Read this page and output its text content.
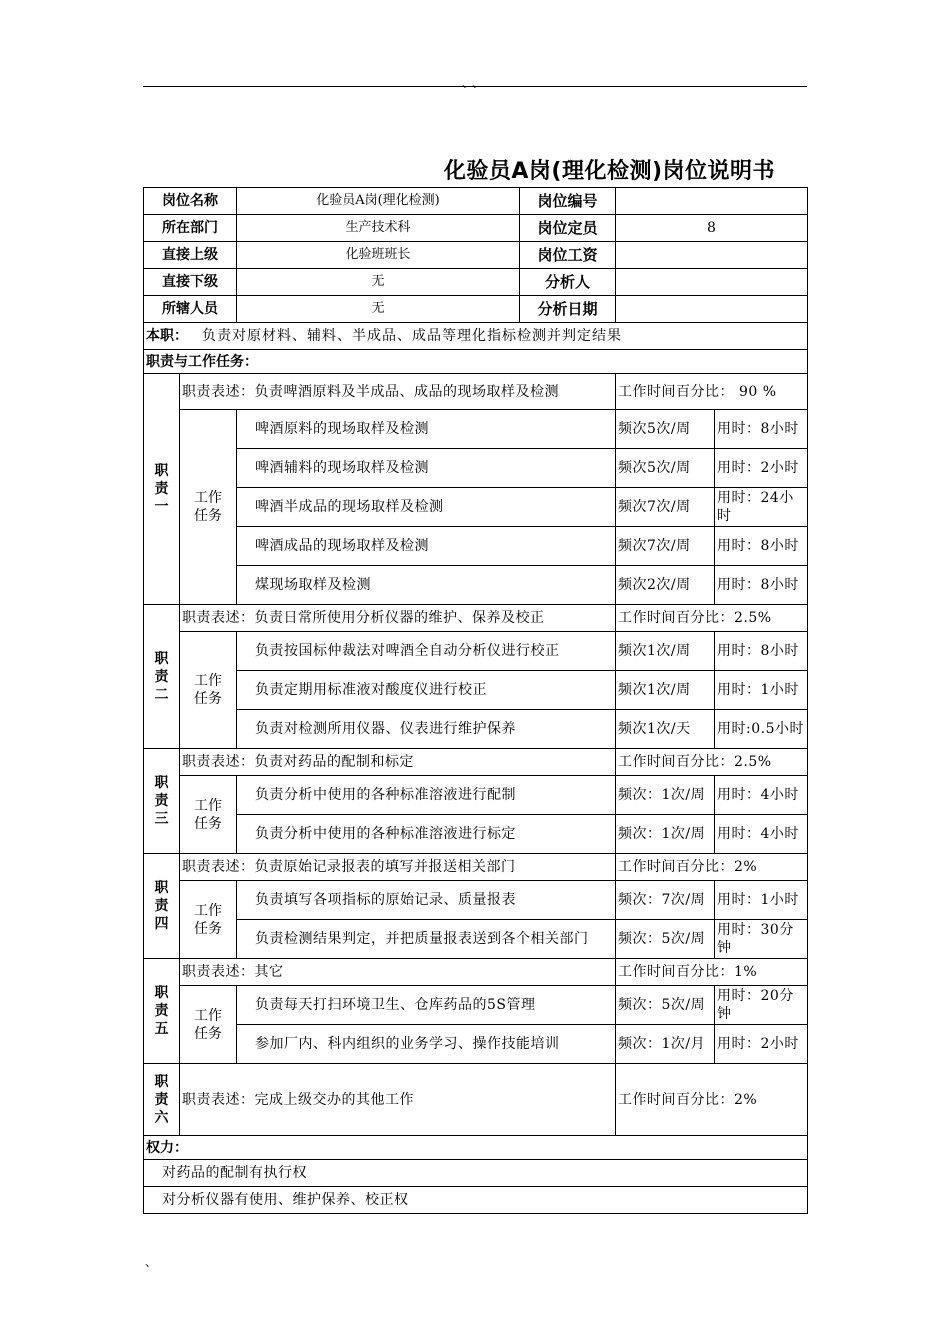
、、
化验员A岗(理化检测)岗位说明书
岗位名称		化验员A岗(理化检测) 岗位编号		

所在部门		生产技术科 岗位定员	8	
直接上级		化验班班长 岗位工资		

直接下级		无 分析人		

所辖人员		无 分析日期		

本职： 负责对原材料、辅料、半成品、成品等理化指标检测并判定结果				
职责与工作任务：				

职责一	职责表述：负责啤酒原料及半成品、成品的现场取样及检测		工作时间百分比： 90 %	

	工作任务	啤酒原料的现场取样及检测	频次5次/周	用时：8小时
		啤酒辅料的现场取样及检测	频次5次/周	用时：2小时
		啤酒半成品的现场取样及检测	频次7次/周	用时：24小时
		啤酒成品的现场取样及检测	频次7次/周	用时：8小时
		煤现场取样及检测	频次2次/周	用时：8小时

职责二	职责表述：负责日常所使用分析仪器的维护、保养及校正		工作时间百分比：2.5%	

	工作任务	负责按国标仲裁法对啤酒全自动分析仪进行校正	频次1次/周	用时：8小时
		负责定期用标准液对酸度仪进行校正	频次1次/周	用时：1小时
		负责对检测所用仪器、仪表进行维护保养	频次1次/天	用时:0.5小时

职责三	职责表述：负责对药品的配制和标定		工作时间百分比：2.5%	

	工作任务	负责分析中使用的各种标准溶液进行配制	频次：1次/周	用时：4小时
		负责分析中使用的各种标准溶液进行标定	频次：1次/周	用时：4小时

职责四	职责表述：负责原始记录报表的填写并报送相关部门		工作时间百分比：2%	

	工作任务	负责填写各项指标的原始记录、质量报表	频次：7次/周	用时：1小时
		负责检测结果判定，并把质量报表送到各个相关部门	频次：5次/周	用时：30分钟

职责五	职责表述：其它		工作时间百分比：1%	

	工作任务	负责每天打扫环境卫生、仓库药品的5S管理	频次：5次/周	用时：20分钟
		参加厂内、科内组织的业务学习、操作技能培训	频次：1次/月	用时：2小时

职责六	职责表述：完成上级交办的其他工作		工作时间百分比：2%	
权力：				
对药品的配制有执行权				
对分析仪器有使用、维护保养、校正权				
、
